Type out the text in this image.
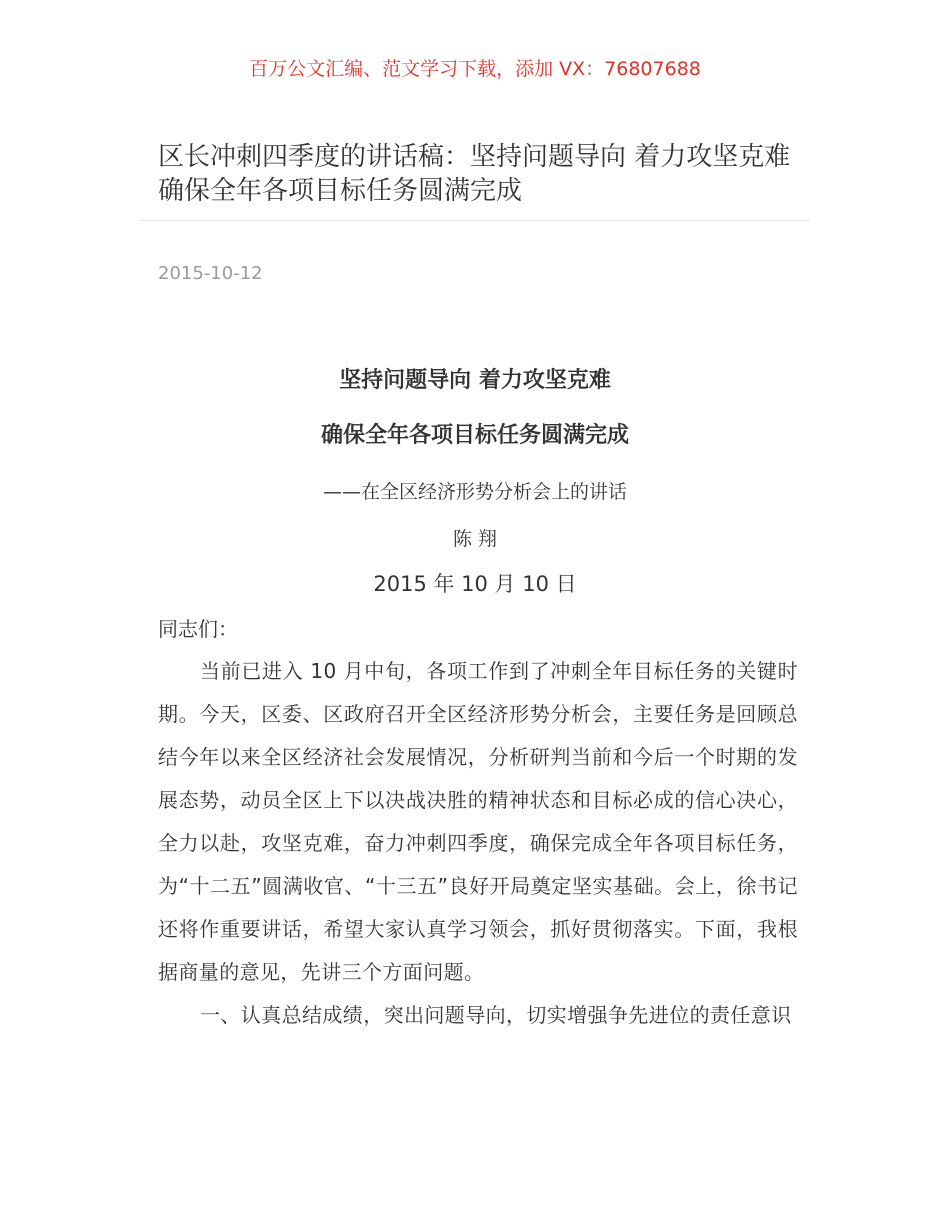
百万公文汇编、范文学习下载，添加 VX：76807688
区长冲刺四季度的讲话稿：坚持问题导向 着力攻坚克难 确保全年各项目标任务圆满完成
2015-10-12
坚持问题导向 着力攻坚克难
确保全年各项目标任务圆满完成
——在全区经济形势分析会上的讲话
陈 翔
2015 年 10 月 10 日
同志们：
当前已进入 10 月中旬，各项工作到了冲刺全年目标任务的关键时期。今天，区委、区政府召开全区经济形势分析会，主要任务是回顾总结今年以来全区经济社会发展情况，分析研判当前和今后一个时期的发展态势，动员全区上下以决战决胜的精神状态和目标必成的信心决心，全力以赴，攻坚克难，奋力冲刺四季度，确保完成全年各项目标任务，为“十二五”圆满收官、“十三五”良好开局奠定坚实基础。会上，徐书记还将作重要讲话，希望大家认真学习领会，抓好贯彻落实。下面，我根据商量的意见，先讲三个方面问题。
一、认真总结成绩，突出问题导向，切实增强争先进位的责任意识
